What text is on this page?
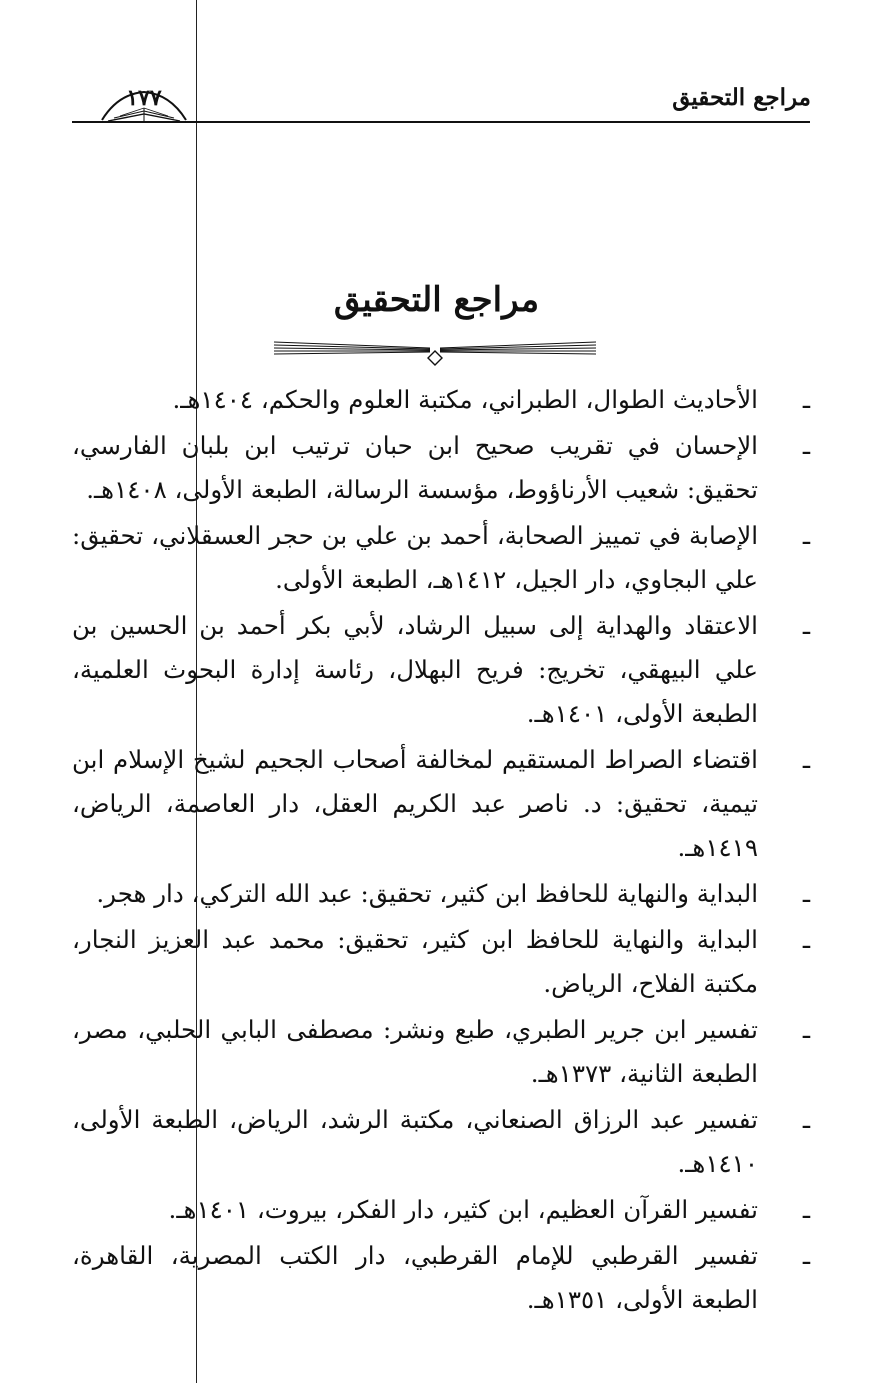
مراجع التحقيق
١٧٧
مراجع التحقيق
ـ
الأحاديث الطوال، الطبراني، مكتبة العلوم والحكم، ١٤٠٤هـ.
ـ
الإحسان في تقريب صحيح ابن حبان ترتيب ابن بلبان الفارسي، تحقيق: شعيب الأرناؤوط، مؤسسة الرسالة، الطبعة الأولى، ١٤٠٨هـ.
ـ
الإصابة في تمييز الصحابة، أحمد بن علي بن حجر العسقلاني، تحقيق: علي البجاوي، دار الجيل، ١٤١٢هـ، الطبعة الأولى.
ـ
الاعتقاد والهداية إلى سبيل الرشاد، لأبي بكر أحمد بن الحسين بن علي البيهقي، تخريج: فريح البهلال، رئاسة إدارة البحوث العلمية، الطبعة الأولى، ١٤٠١هـ.
ـ
اقتضاء الصراط المستقيم لمخالفة أصحاب الجحيم لشيخ الإسلام ابن تيمية، تحقيق: د. ناصر عبد الكريم العقل، دار العاصمة، الرياض، ١٤١٩هـ.
ـ
البداية والنهاية للحافظ ابن كثير، تحقيق: عبد الله التركي، دار هجر.
ـ
البداية والنهاية للحافظ ابن كثير، تحقيق: محمد عبد العزيز النجار، مكتبة الفلاح، الرياض.
ـ
تفسير ابن جرير الطبري، طبع ونشر: مصطفى البابي الحلبي، مصر، الطبعة الثانية، ١٣٧٣هـ.
ـ
تفسير عبد الرزاق الصنعاني، مكتبة الرشد، الرياض، الطبعة الأولى، ١٤١٠هـ.
ـ
تفسير القرآن العظيم، ابن كثير، دار الفكر، بيروت، ١٤٠١هـ.
ـ
تفسير القرطبي للإمام القرطبي، دار الكتب المصرية، القاهرة، الطبعة الأولى، ١٣٥١هـ.
